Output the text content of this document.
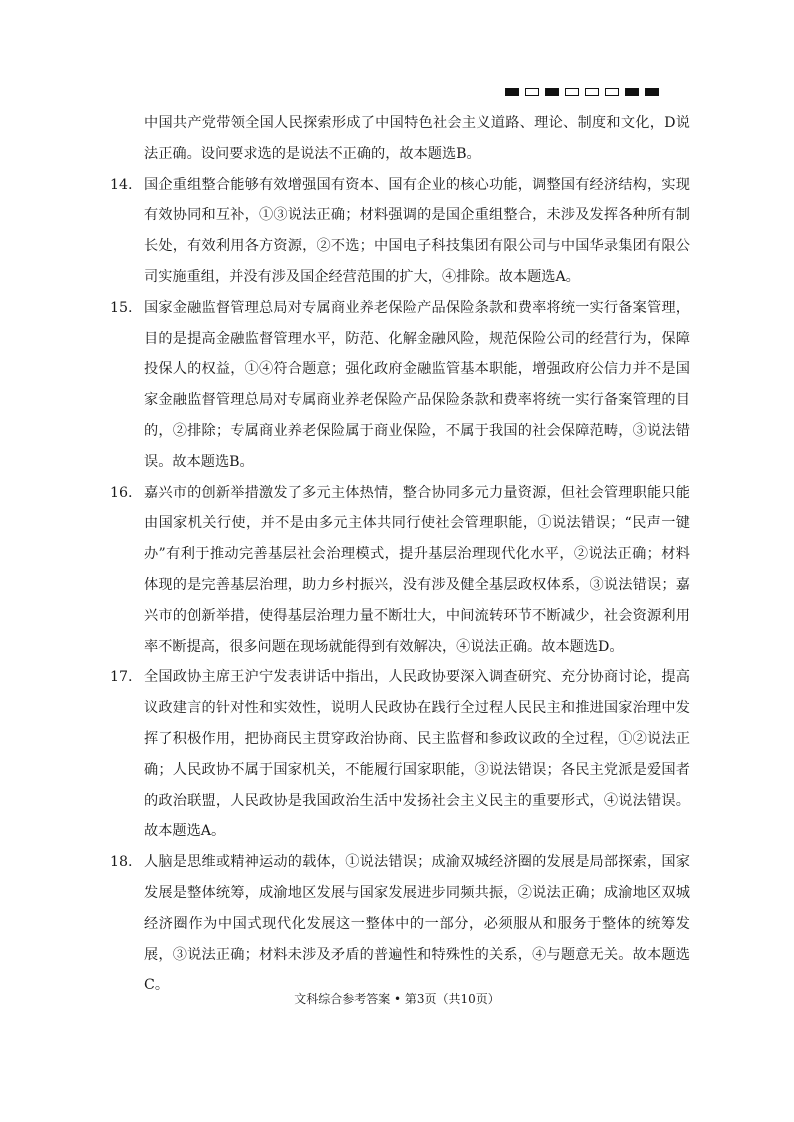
中国共产党带领全国人民探索形成了中国特色社会主义道路、理论、制度和文化，D说法正确。设问要求选的是说法不正确的，故本题选B。
14. 国企重组整合能够有效增强国有资本、国有企业的核心功能，调整国有经济结构，实现有效协同和互补，①③说法正确；材料强调的是国企重组整合，未涉及发挥各种所有制长处，有效利用各方资源，②不选；中国电子科技集团有限公司与中国华录集团有限公司实施重组，并没有涉及国企经营范围的扩大，④排除。故本题选A。
15. 国家金融监督管理总局对专属商业养老保险产品保险条款和费率将统一实行备案管理，目的是提高金融监督管理水平，防范、化解金融风险，规范保险公司的经营行为，保障投保人的权益，①④符合题意；强化政府金融监管基本职能，增强政府公信力并不是国家金融监督管理总局对专属商业养老保险产品保险条款和费率将统一实行备案管理的目的，②排除；专属商业养老保险属于商业保险，不属于我国的社会保障范畴，③说法错误。故本题选B。
16. 嘉兴市的创新举措激发了多元主体热情，整合协同多元力量资源，但社会管理职能只能由国家机关行使，并不是由多元主体共同行使社会管理职能，①说法错误；“民声一键办”有利于推动完善基层社会治理模式，提升基层治理现代化水平，②说法正确；材料体现的是完善基层治理，助力乡村振兴，没有涉及健全基层政权体系，③说法错误；嘉兴市的创新举措，使得基层治理力量不断壮大，中间流转环节不断减少，社会资源利用率不断提高，很多问题在现场就能得到有效解决，④说法正确。故本题选D。
17. 全国政协主席王沪宁发表讲话中指出，人民政协要深入调查研究、充分协商讨论，提高议政建言的针对性和实效性，说明人民政协在践行全过程人民民主和推进国家治理中发挥了积极作用，把协商民主贯穿政治协商、民主监督和参政议政的全过程，①②说法正确；人民政协不属于国家机关，不能履行国家职能，③说法错误；各民主党派是爱国者的政治联盟，人民政协是我国政治生活中发扬社会主义民主的重要形式，④说法错误。故本题选A。
18. 人脑是思维或精神运动的载体，①说法错误；成渝双城经济圈的发展是局部探索，国家发展是整体统筹，成渝地区发展与国家发展进步同频共振，②说法正确；成渝地区双城经济圈作为中国式现代化发展这一整体中的一部分，必须服从和服务于整体的统筹发展，③说法正确；材料未涉及矛盾的普遍性和特殊性的关系，④与题意无关。故本题选C。
文科综合参考答案 • 第3页（共10页）
